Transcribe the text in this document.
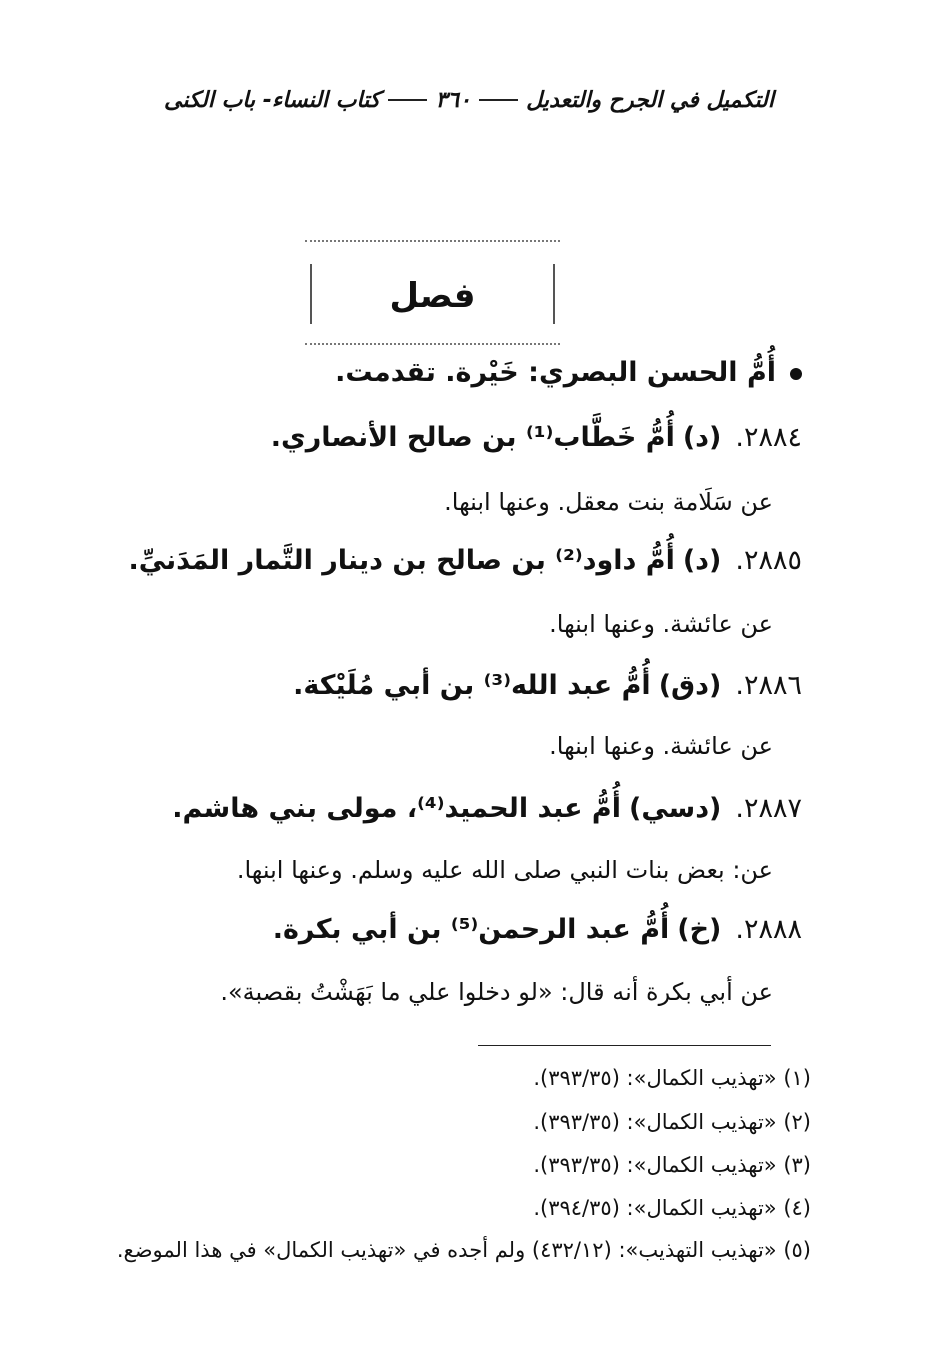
التكميل في الجرح والتعديل
٣٦٠
كتاب النساء- باب الكنى
فصل
أُمُّ الحسن البصري: خَيْرة. تقدمت.
٢٨٨٤.(د)أُمُّ خَطَّاب⁽¹⁾ بن صالح الأنصاري.
عن سَلَامة بنت معقل. وعنها ابنها.
٢٨٨٥.(د)أُمُّ داود⁽²⁾ بن صالح بن دينار التَّمار المَدَنيِّ.
عن عائشة. وعنها ابنها.
٢٨٨٦.(دق)أُمُّ عبد الله⁽³⁾ بن أبي مُلَيْكة.
عن عائشة. وعنها ابنها.
٢٨٨٧.(دسي)أُمُّ عبد الحميد⁽⁴⁾، مولى بني هاشم.
عن: بعض بنات النبي صلى الله عليه وسلم. وعنها ابنها.
٢٨٨٨.(خ)أُمُّ عبد الرحمن⁽⁵⁾ بن أبي بكرة.
عن أبي بكرة أنه قال: «لو دخلوا علي ما بَهَشْتُ بقصبة».
(١) «تهذيب الكمال»: (٣٩٣/٣٥).
(٢) «تهذيب الكمال»: (٣٩٣/٣٥).
(٣) «تهذيب الكمال»: (٣٩٣/٣٥).
(٤) «تهذيب الكمال»: (٣٩٤/٣٥).
(٥) «تهذيب التهذيب»: (٤٣٢/١٢) ولم أجده في «تهذيب الكمال» في هذا الموضع.
